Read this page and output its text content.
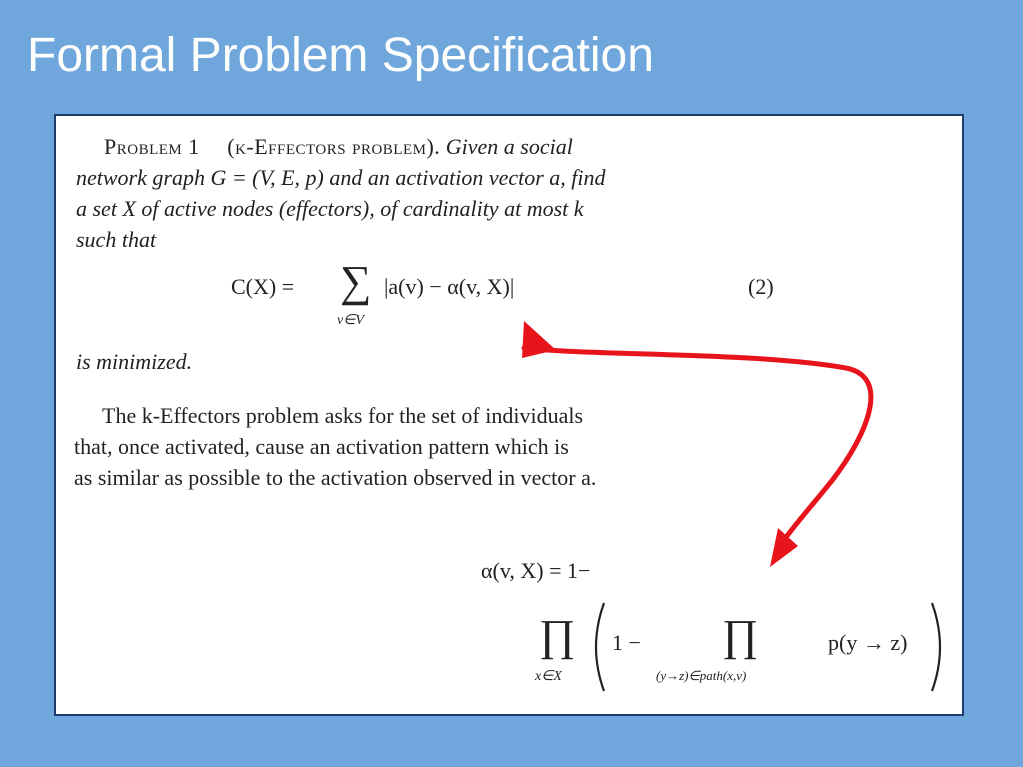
Formal Problem Specification
Problem 1 (k-Effectors problem). Given a social
network graph G = (V, E, p) and an activation vector a, find
a set X of active nodes (effectors), of cardinality at most k
such that
C(X) = ∑
v∈V
|a(v) − α(v, X)|	(2)
is minimized.
The k-Effectors problem asks for the set of individuals
that, once activated, cause an activation pattern which is
as similar as possible to the activation observed in vector a.
α(v, X) = 1−
∏
x∈X
1 − ∏
(y→z)∈path(x,v)
p(y → z)
